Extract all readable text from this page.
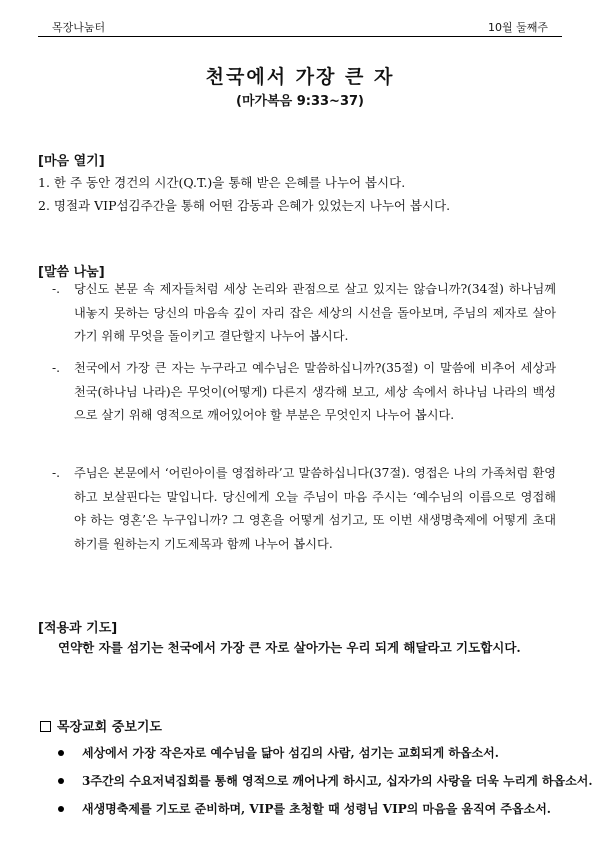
목장나눔터	10월 둘째주
천국에서 가장 큰 자
(마가복음 9:33~37)
[마음 열기]
1. 한 주 동안 경건의 시간(Q.T.)을 통해 받은 은혜를 나누어 봅시다.
2. 명절과 VIP섬김주간을 통해 어떤 감동과 은혜가 있었는지 나누어 봅시다.
[말씀 나눔]
-. 당신도 본문 속 제자들처럼 세상 논리와 관점으로 살고 있지는 않습니까?(34절) 하나님께 내놓지 못하는 당신의 마음속 깊이 자리 잡은 세상의 시선을 돌아보며, 주님의 제자로 살아가기 위해 무엇을 돌이키고 결단할지 나누어 봅시다.
-. 천국에서 가장 큰 자는 누구라고 예수님은 말씀하십니까?(35절) 이 말씀에 비추어 세상과 천국(하나님 나라)은 무엇이(어떻게) 다른지 생각해 보고, 세상 속에서 하나님 나라의 백성으로 살기 위해 영적으로 깨어있어야 할 부분은 무엇인지 나누어 봅시다.
-. 주님은 본문에서 ‘어린아이를 영접하라’고 말씀하십니다(37절). 영접은 나의 가족처럼 환영하고 보살핀다는 말입니다. 당신에게 오늘 주님이 마음 주시는 ‘예수님의 이름으로 영접해야 하는 영혼’은 누구입니까? 그 영혼을 어떻게 섬기고, 또 이번 새생명축제에 어떻게 초대하기를 원하는지 기도제목과 함께 나누어 봅시다.
[적용과 기도]
연약한 자를 섬기는 천국에서 가장 큰 자로 살아가는 우리 되게 해달라고 기도합시다.
목장교회 중보기도
세상에서 가장 작은자로 예수님을 닮아 섬김의 사람, 섬기는 교회되게 하옵소서.
3주간의 수요저녁집회를 통해 영적으로 깨어나게 하시고, 십자가의 사랑을 더욱 누리게 하옵소서.
새생명축제를 기도로 준비하며, VIP를 초청할 때 성령님 VIP의 마음을 움직여 주옵소서.
